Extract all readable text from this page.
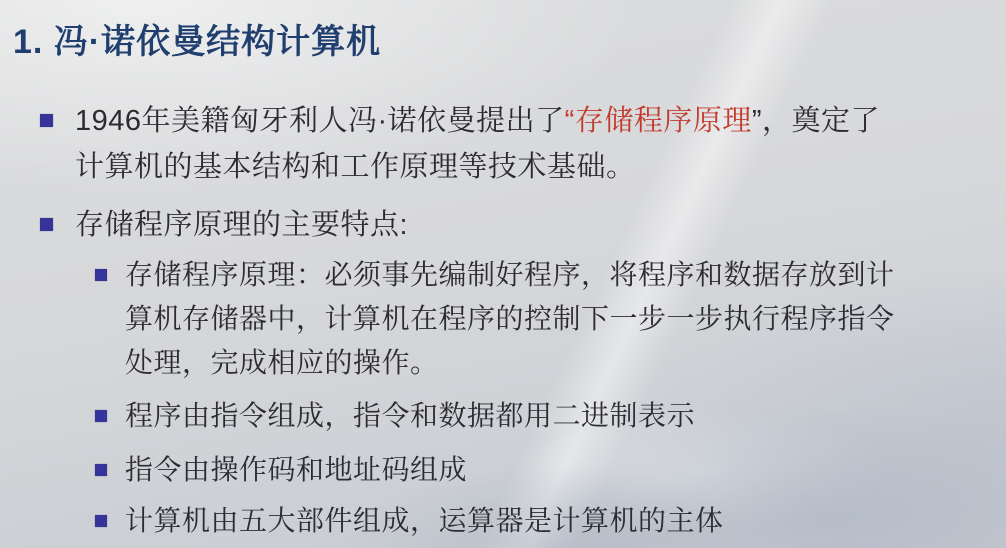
1. 冯·诺依曼结构计算机
1946年美籍匈牙利人冯·诺依曼提出了“存储程序原理”，奠定了
计算机的基本结构和工作原理等技术基础。
存储程序原理的主要特点:
存储程序原理：必须事先编制好程序，将程序和数据存放到计
算机存储器中，计算机在程序的控制下一步一步执行程序指令
处理，完成相应的操作。
程序由指令组成，指令和数据都用二进制表示
指令由操作码和地址码组成
计算机由五大部件组成，运算器是计算机的主体
